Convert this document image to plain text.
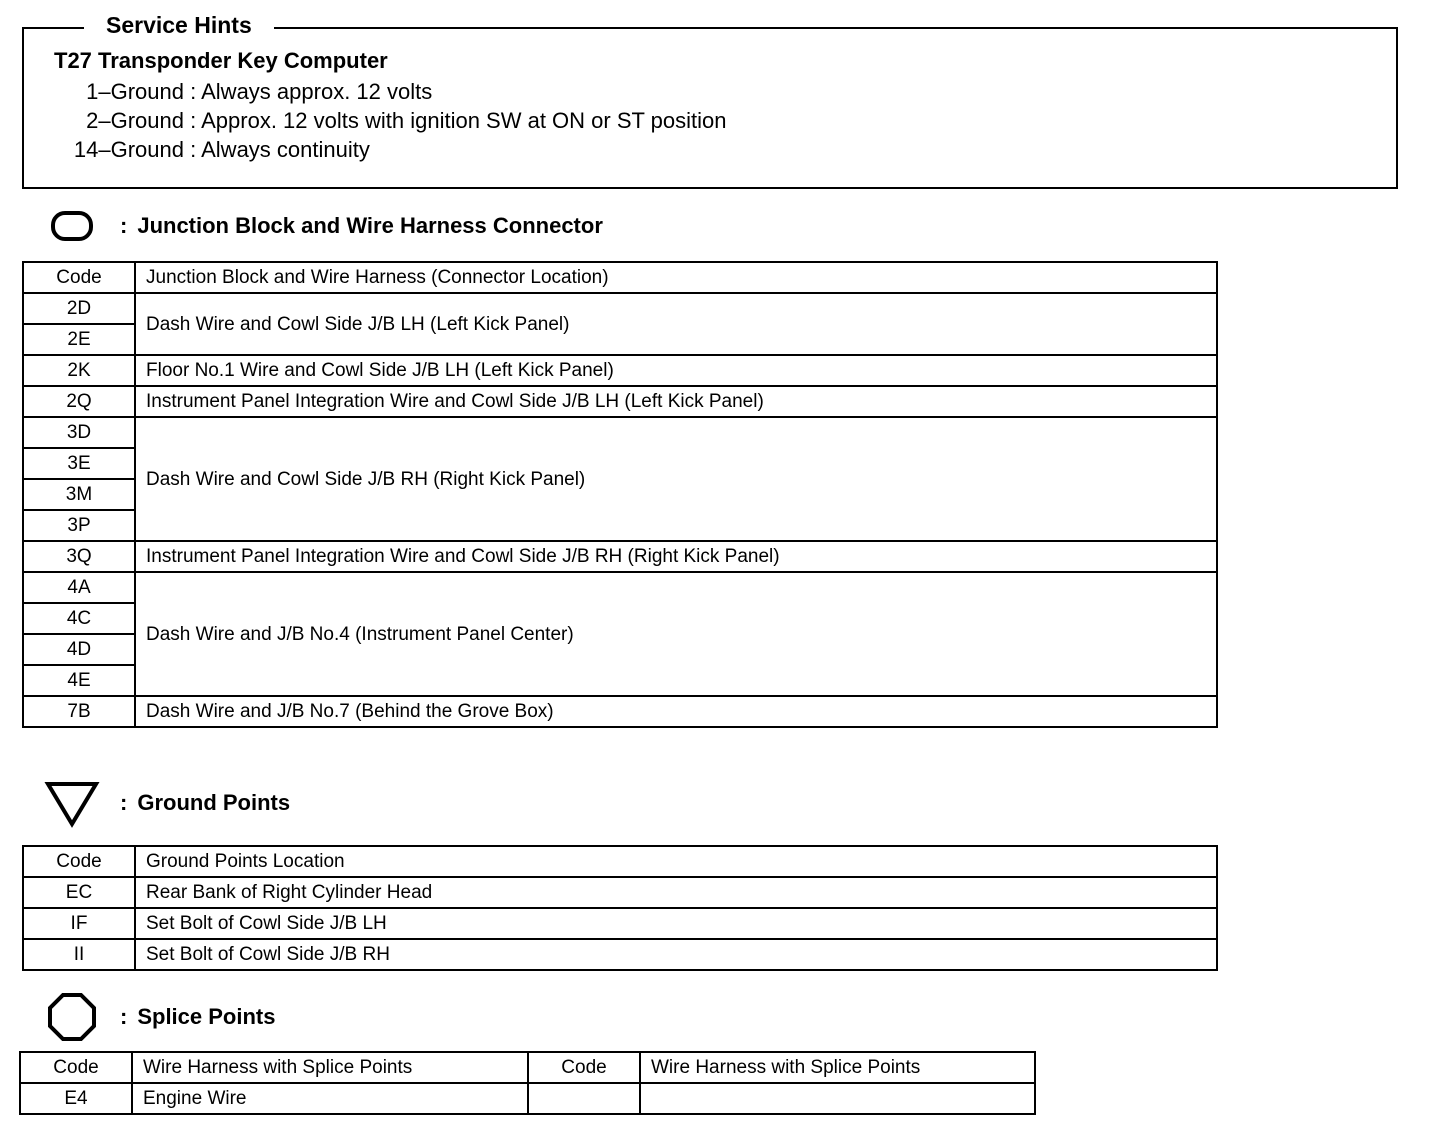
Service Hints
T27 Transponder Key Computer
1–Ground : Always approx. 12 volts
2–Ground : Approx. 12 volts with ignition SW at ON or ST position
14–Ground : Always continuity
: Junction Block and Wire Harness Connector
Code	Junction Block and Wire Harness (Connector Location)
2D	Dash Wire and Cowl Side J/B LH (Left Kick Panel)
2E	
2K	Floor No.1 Wire and Cowl Side J/B LH (Left Kick Panel)
2Q	Instrument Panel Integration Wire and Cowl Side J/B LH (Left Kick Panel)
3D	Dash Wire and Cowl Side J/B RH (Right Kick Panel)
3E	
3M	
3P	
3Q	Instrument Panel Integration Wire and Cowl Side J/B RH (Right Kick Panel)
4A	Dash Wire and J/B No.4 (Instrument Panel Center)
4C	
4D	
4E	
7B	Dash Wire and J/B No.7 (Behind the Grove Box)
: Ground Points
Code	Ground Points Location
EC	Rear Bank of Right Cylinder Head
IF	Set Bolt of Cowl Side J/B LH
II	Set Bolt of Cowl Side J/B RH
: Splice Points
Code	Wire Harness with Splice Points	Code	Wire Harness with Splice Points
E4	Engine Wire		
